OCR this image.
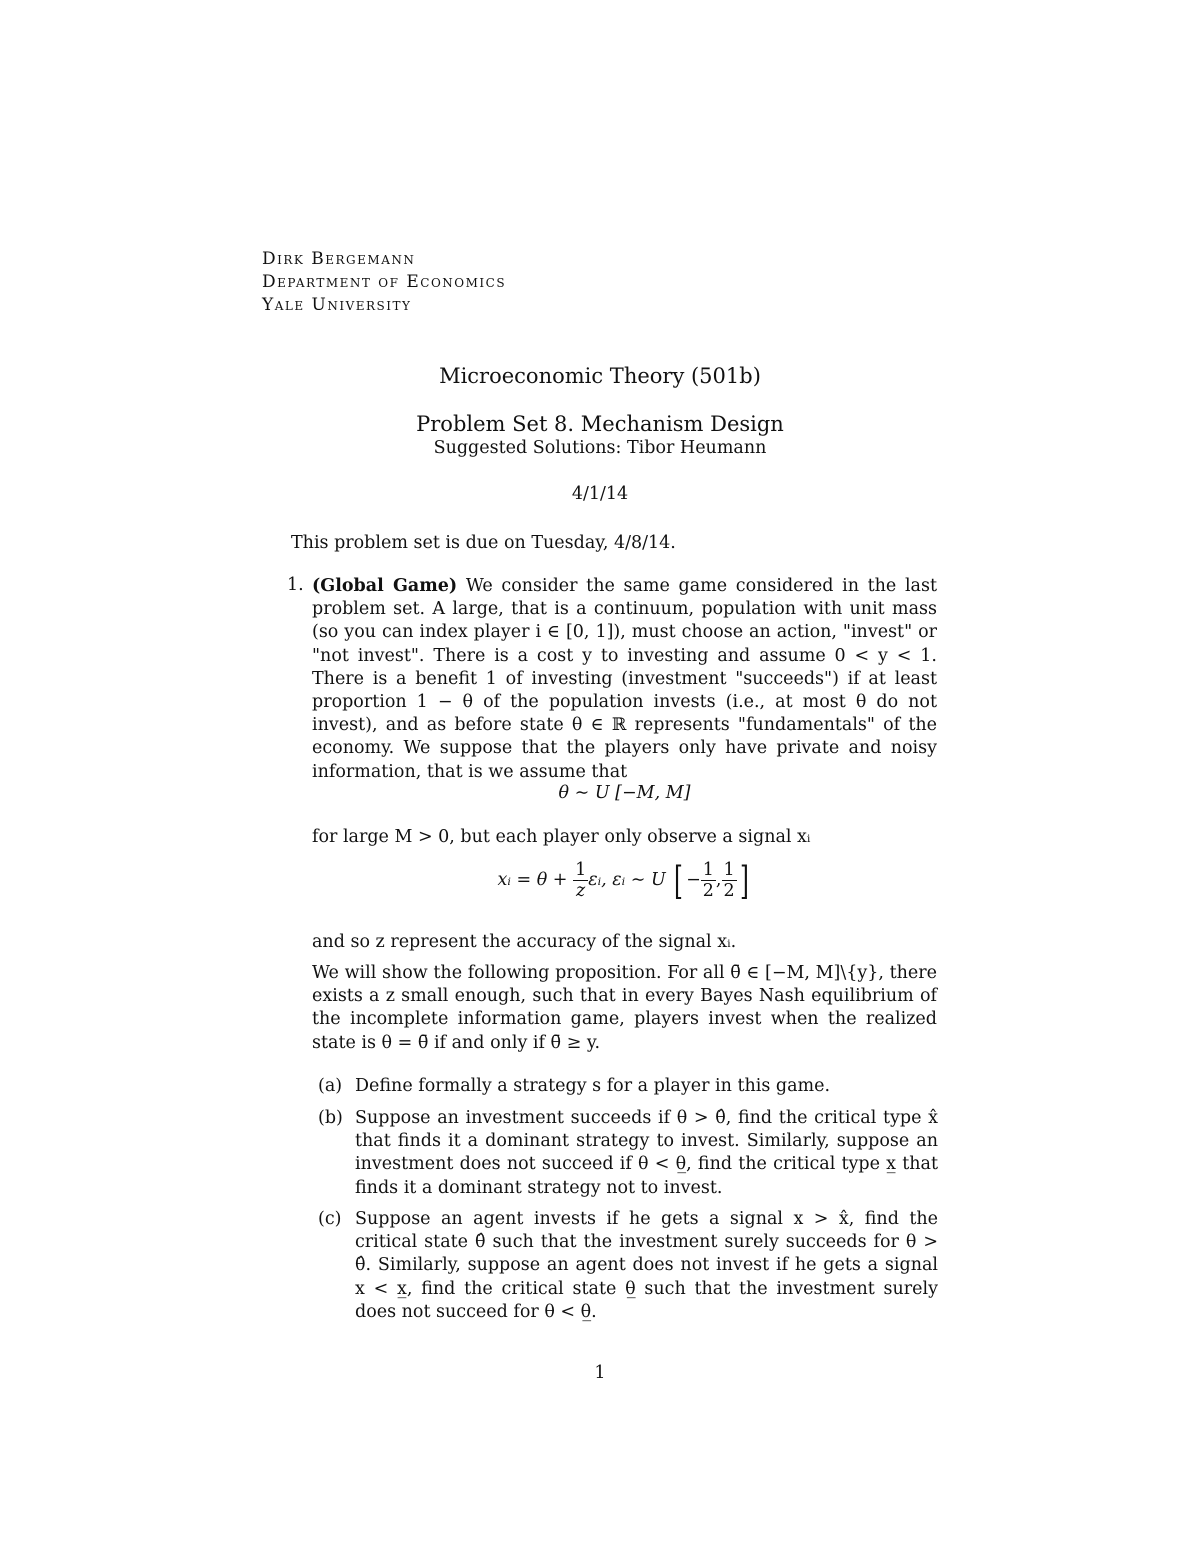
Dirk Bergemann
Department of Economics
Yale University
Microeconomic Theory (501b)
Problem Set 8. Mechanism Design
Suggested Solutions: Tibor Heumann
4/1/14
This problem set is due on Tuesday, 4/8/14.
1. (Global Game) We consider the same game considered in the last problem set. A large, that is a continuum, population with unit mass (so you can index player i ∈ [0, 1]), must choose an action, "invest" or "not invest". There is a cost y to investing and assume 0 < y < 1. There is a benefit 1 of investing (investment "succeeds") if at least proportion 1 − θ of the population invests (i.e., at most θ do not invest), and as before state θ ∈ ℝ represents "fundamentals" of the economy. We suppose that the players only have private and noisy information, that is we assume that

θ ∼ U [−M, M]
for large M > 0, but each player only observe a signal xᵢ
xᵢ = $\theta + \frac{1}{z}$ εᵢ, εᵢ ∼ U [ − $\frac{1}{2}$ , $\frac{1}{2}$ ]
and so z represent the accuracy of the signal xᵢ.
We will show the following proposition. For all θ̄ ∈ [−M, M]\{y}, there exists a z small enough, such that in every Bayes Nash equilibrium of the incomplete information game, players invest when the realized state is θ = θ̄ if and only if θ̄ ≥ y.
(a) Define formally a strategy s for a player in this game.
(b) Suppose an investment succeeds if θ > θ̂, find the critical type x̂ that finds it a dominant strategy to invest. Similarly, suppose an investment does not succeed if θ < θ̲, find the critical type x̲ that finds it a dominant strategy not to invest.
(c) Suppose an agent invests if he gets a signal x > x̂, find the critical state θ̂ such that the investment surely succeeds for θ > θ̂. Similarly, suppose an agent does not invest if he gets a signal x < x̲, find the critical state θ̲ such that the investment surely does not succeed for θ < θ̲.
1
